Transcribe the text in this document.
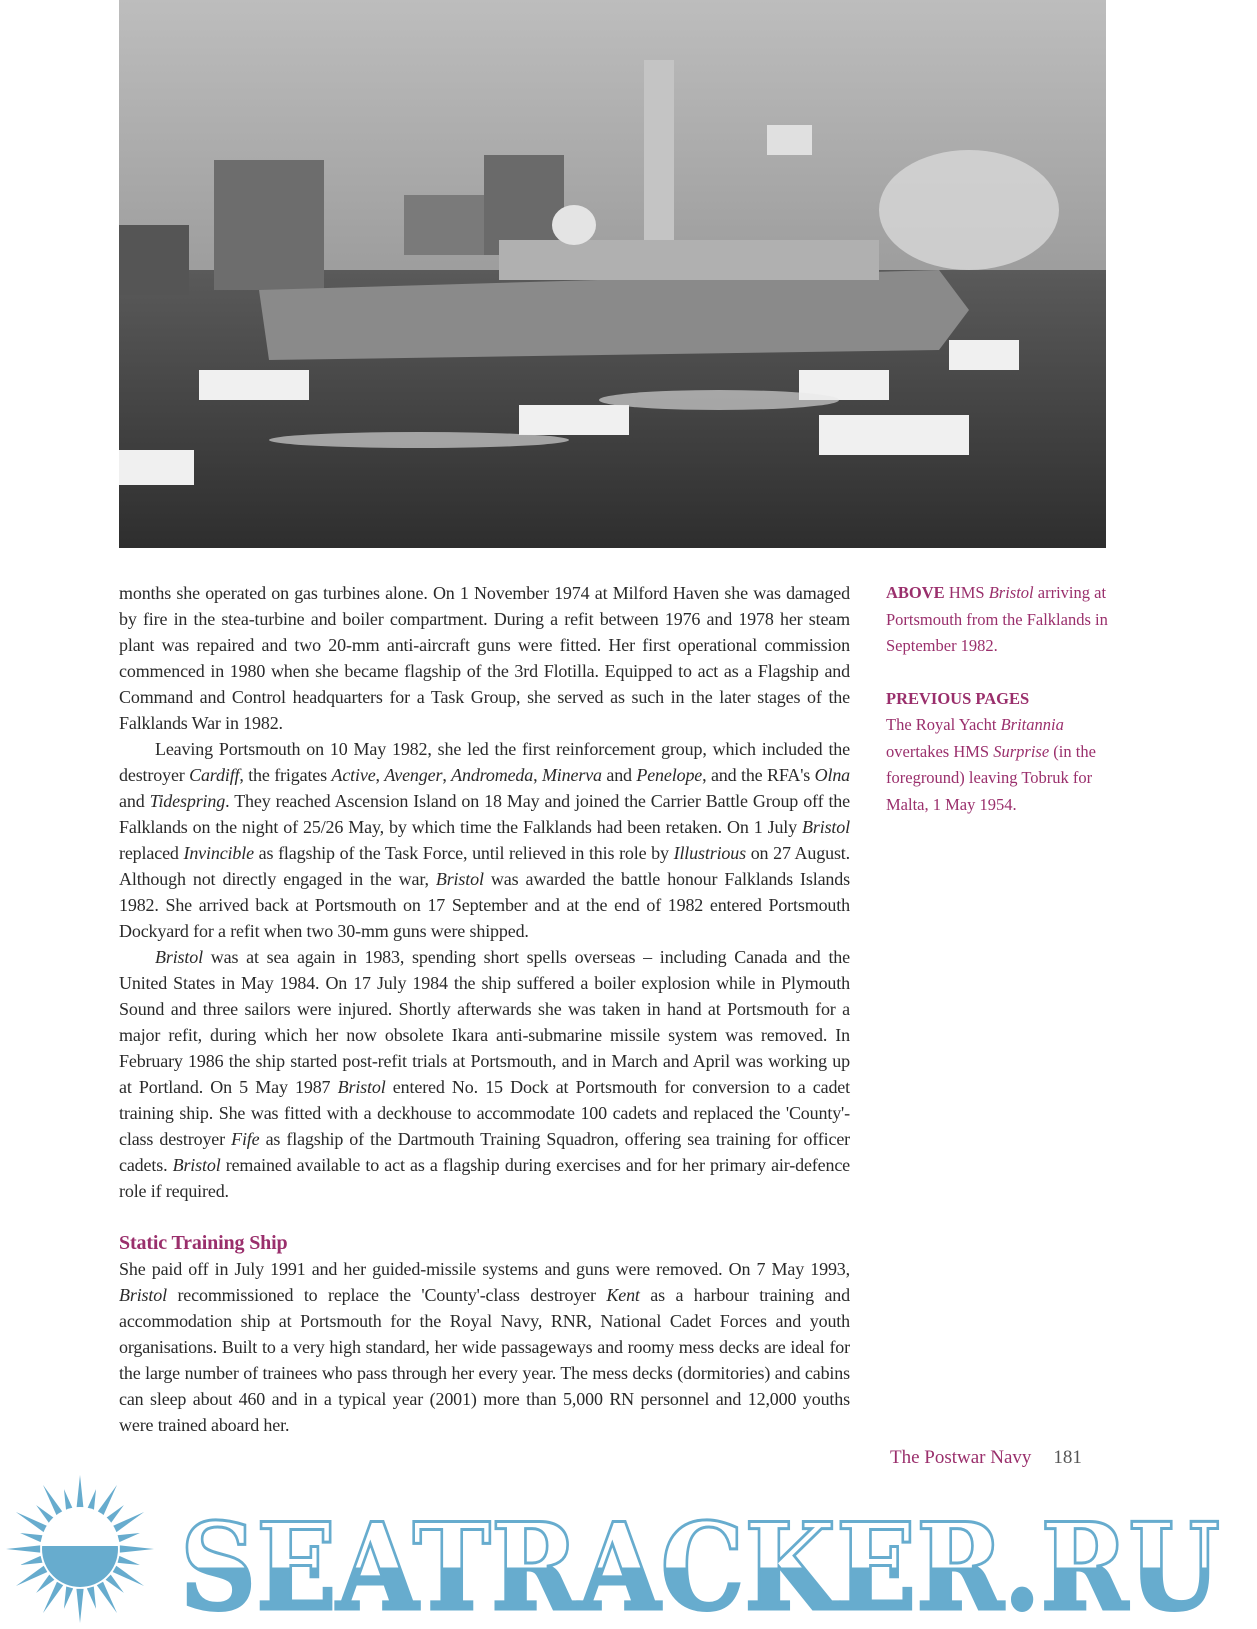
ABOVE HMS Bristol arriving at Portsmouth from the Falklands in September 1982.
PREVIOUS PAGES
The Royal Yacht Britannia overtakes HMS Surprise (in the foreground) leaving Tobruk for Malta, 1 May 1954.

months she operated on gas turbines alone. On 1 November 1974 at Milford Haven she was damaged by fire in the stea-turbine and boiler compartment. During a refit between 1976 and 1978 her steam plant was repaired and two 20-mm anti-aircraft guns were fitted. Her first operational commission commenced in 1980 when she became flagship of the 3rd Flotilla. Equipped to act as a Flagship and Command and Control headquarters for a Task Group, she served as such in the later stages of the Falklands War in 1982.

Leaving Portsmouth on 10 May 1982, she led the first reinforcement group, which included the destroyer Cardiff, the frigates Active, Avenger, Andromeda, Minerva and Penelope, and the RFA's Olna and Tidespring. They reached Ascension Island on 18 May and joined the Carrier Battle Group off the Falklands on the night of 25/26 May, by which time the Falklands had been retaken. On 1 July Bristol replaced Invincible as flagship of the Task Force, until relieved in this role by Illustrious on 27 August. Although not directly engaged in the war, Bristol was awarded the battle honour Falklands Islands 1982. She arrived back at Portsmouth on 17 September and at the end of 1982 entered Portsmouth Dockyard for a refit when two 30-mm guns were shipped.

Bristol was at sea again in 1983, spending short spells overseas – including Canada and the United States in May 1984. On 17 July 1984 the ship suffered a boiler explosion while in Plymouth Sound and three sailors were injured. Shortly afterwards she was taken in hand at Portsmouth for a major refit, during which her now obsolete Ikara anti-submarine missile system was removed. In February 1986 the ship started post-refit trials at Portsmouth, and in March and April was working up at Portland. On 5 May 1987 Bristol entered No. 15 Dock at Portsmouth for conversion to a cadet training ship. She was fitted with a deckhouse to accommodate 100 cadets and replaced the 'County'-class destroyer Fife as flagship of the Dartmouth Training Squadron, offering sea training for officer cadets. Bristol remained available to act as a flagship during exercises and for her primary air-defence role if required.

Static Training Ship

She paid off in July 1991 and her guided-missile systems and guns were removed. On 7 May 1993, Bristol recommissioned to replace the 'County'-class destroyer Kent as a harbour training and accommodation ship at Portsmouth for the Royal Navy, RNR, National Cadet Forces and youth organisations. Built to a very high standard, her wide passageways and roomy mess decks are ideal for the large number of trainees who pass through her every year. The mess decks (dormitories) and cabins can sleep about 460 and in a typical year (2001) more than 5,000 RN personnel and 12,000 youths were trained aboard her.

The Postwar Navy 181
SEATRACKER.RU
